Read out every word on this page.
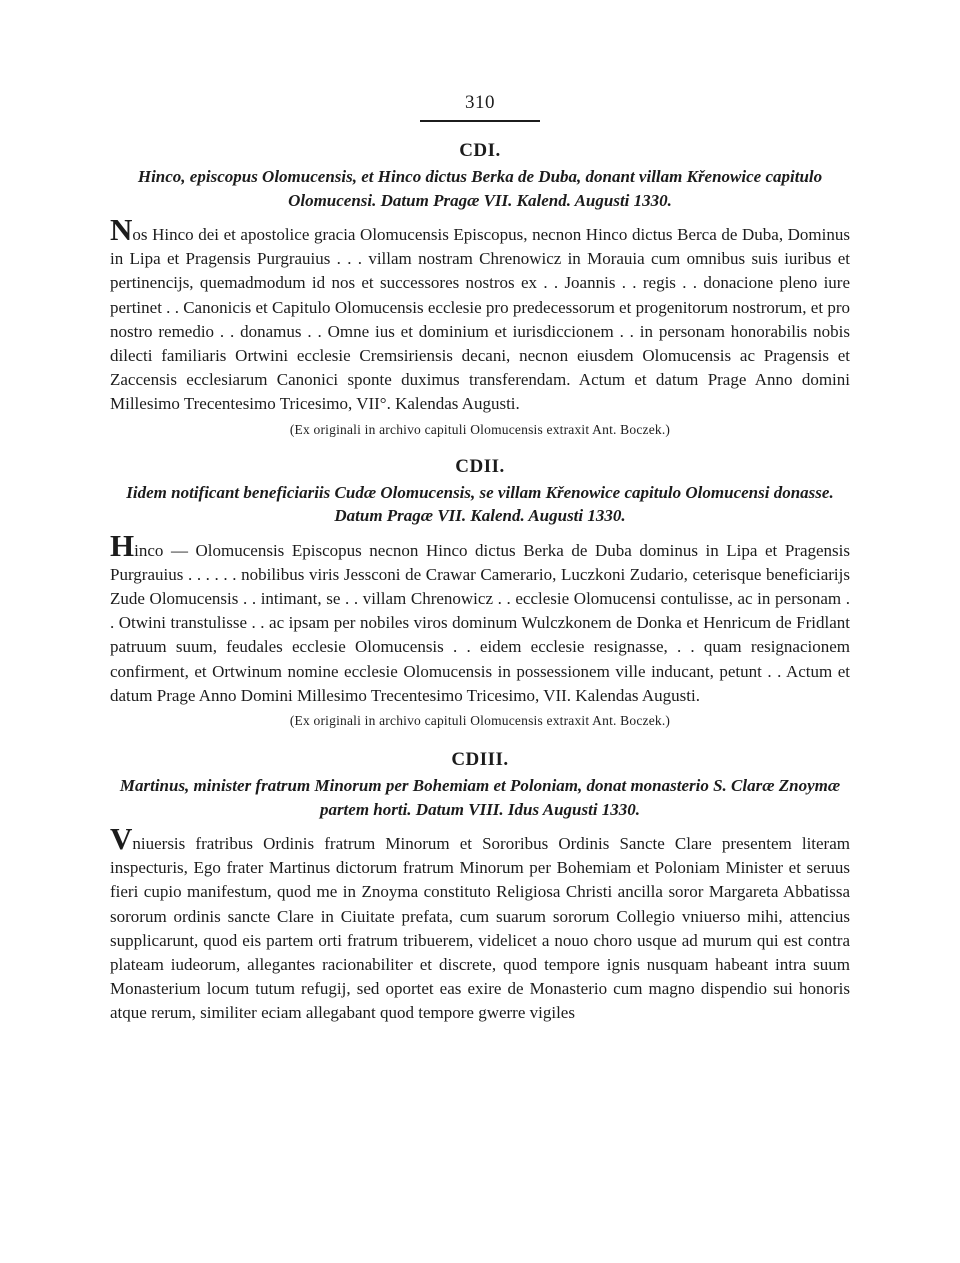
310
CDI.
Hinco, episcopus Olomucensis, et Hinco dictus Berka de Duba, donant villam Křenowice capitulo Olomucensi. Datum Pragæ VII. Kalend. Augusti 1330.

Nos Hinco dei et apostolice gracia Olomucensis Episcopus, necnon Hinco dictus Berca de Duba, Dominus in Lipa et Pragensis Purgrauius . . . villam nostram Chrenowicz in Morauia cum omnibus suis iuribus et pertinencijs, quemadmodum id nos et successores nostros ex . . Joannis . . regis . . donacione pleno iure pertinet . . Canonicis et Capitulo Olomucensis ecclesie pro predecessorum et progenitorum nostrorum, et pro nostro remedio . . donamus . . Omne ius et dominium et iurisdiccionem . . in personam honorabilis nobis dilecti familiaris Ortwini ecclesie Cremsiriensis decani, necnon eiusdem Olomucensis ac Pragensis et Zaccensis ecclesiarum Canonici sponte duximus transferendam. Actum et datum Prage Anno domini Millesimo Trecentesimo Tricesimo, VII°. Kalendas Augusti.

(Ex originali in archivo capituli Olomucensis extraxit Ant. Boczek.)

CDII.
Iidem notificant beneficiariis Cudæ Olomucensis, se villam Křenowice capitulo Olomucensi donasse. Datum Pragæ VII. Kalend. Augusti 1330.

Hinco — Olomucensis Episcopus necnon Hinco dictus Berka de Duba dominus in Lipa et Pragensis Purgrauius . . . . . . nobilibus viris Jessconi de Crawar Camerario, Luczkoni Zudario, ceterisque beneficiarijs Zude Olomucensis . . intimant, se . . villam Chrenowicz . . ecclesie Olomucensi contulisse, ac in personam . . Otwini transtulisse . . ac ipsam per nobiles viros dominum Wulczkonem de Donka et Henricum de Fridlant patruum suum, feudales ecclesie Olomucensis . . eidem ecclesie resignasse, . . quam resignacionem confirment, et Ortwinum nomine ecclesie Olomucensis in possessionem ville inducant, petunt . . Actum et datum Prage Anno Domini Millesimo Trecentesimo Tricesimo, VII. Kalendas Augusti.

(Ex originali in archivo capituli Olomucensis extraxit Ant. Boczek.)

CDIII.
Martinus, minister fratrum Minorum per Bohemiam et Poloniam, donat monasterio S. Claræ Znoymæ partem horti. Datum VIII. Idus Augusti 1330.

Vniuersis fratribus Ordinis fratrum Minorum et Sororibus Ordinis Sancte Clare presentem literam inspecturis, Ego frater Martinus dictorum fratrum Minorum per Bohemiam et Poloniam Minister et seruus fieri cupio manifestum, quod me in Znoyma constituto Religiosa Christi ancilla soror Margareta Abbatissa sororum ordinis sancte Clare in Ciuitate prefata, cum suarum sororum Collegio vniuerso mihi, attencius supplicarunt, quod eis partem orti fratrum tribuerem, videlicet a nouo choro usque ad murum qui est contra plateam iudeorum, allegantes racionabiliter et discrete, quod tempore ignis nusquam habeant intra suum Monasterium locum tutum refugij, sed oportet eas exire de Monasterio cum magno dispendio sui honoris atque rerum, similiter eciam allegabant quod tempore gwerre vigiles
